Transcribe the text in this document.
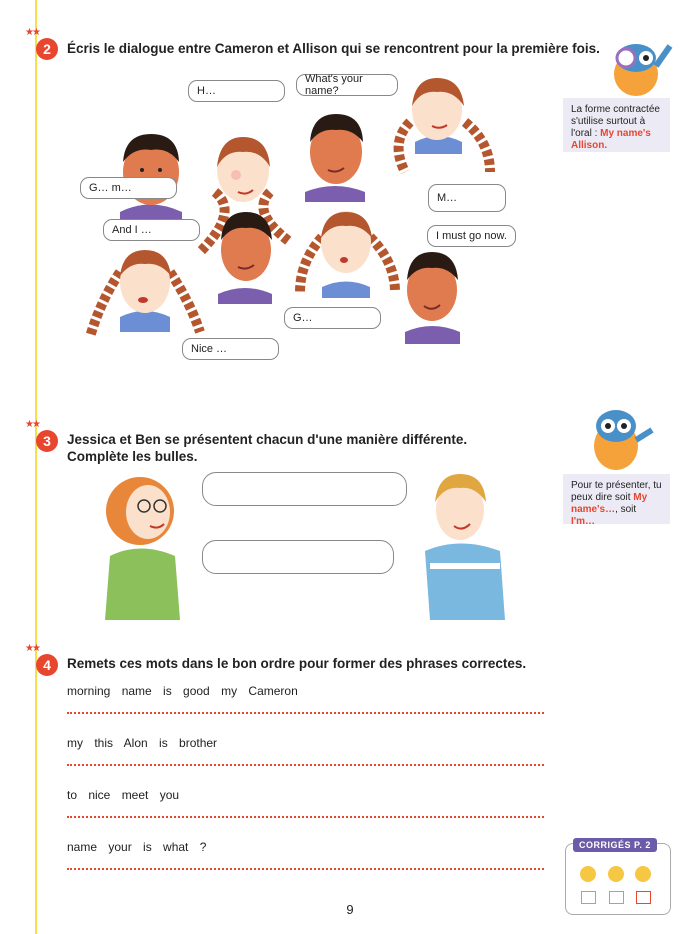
★★
2	Écris le dialogue entre Cameron et Allison qui se rencontrent pour la première fois.
H…
What's your name?
G… m…
M…
And I …	I must go now.
G…
Nice …
La forme contractée s'utilise surtout à l'oral : My name's Allison.
★★
3	Jessica et Ben se présentent chacun d'une manière différente.
Complète les bulles.
Pour te présenter, tu peux dire soit My name's…, soit I'm…
★★
4	Remets ces mots dans le bon ordre pour former des phrases correctes.
morning name is good my Cameron
my this Alon is brother
to nice meet you
name your is what ?	CORRIGÉS P. 2
9
